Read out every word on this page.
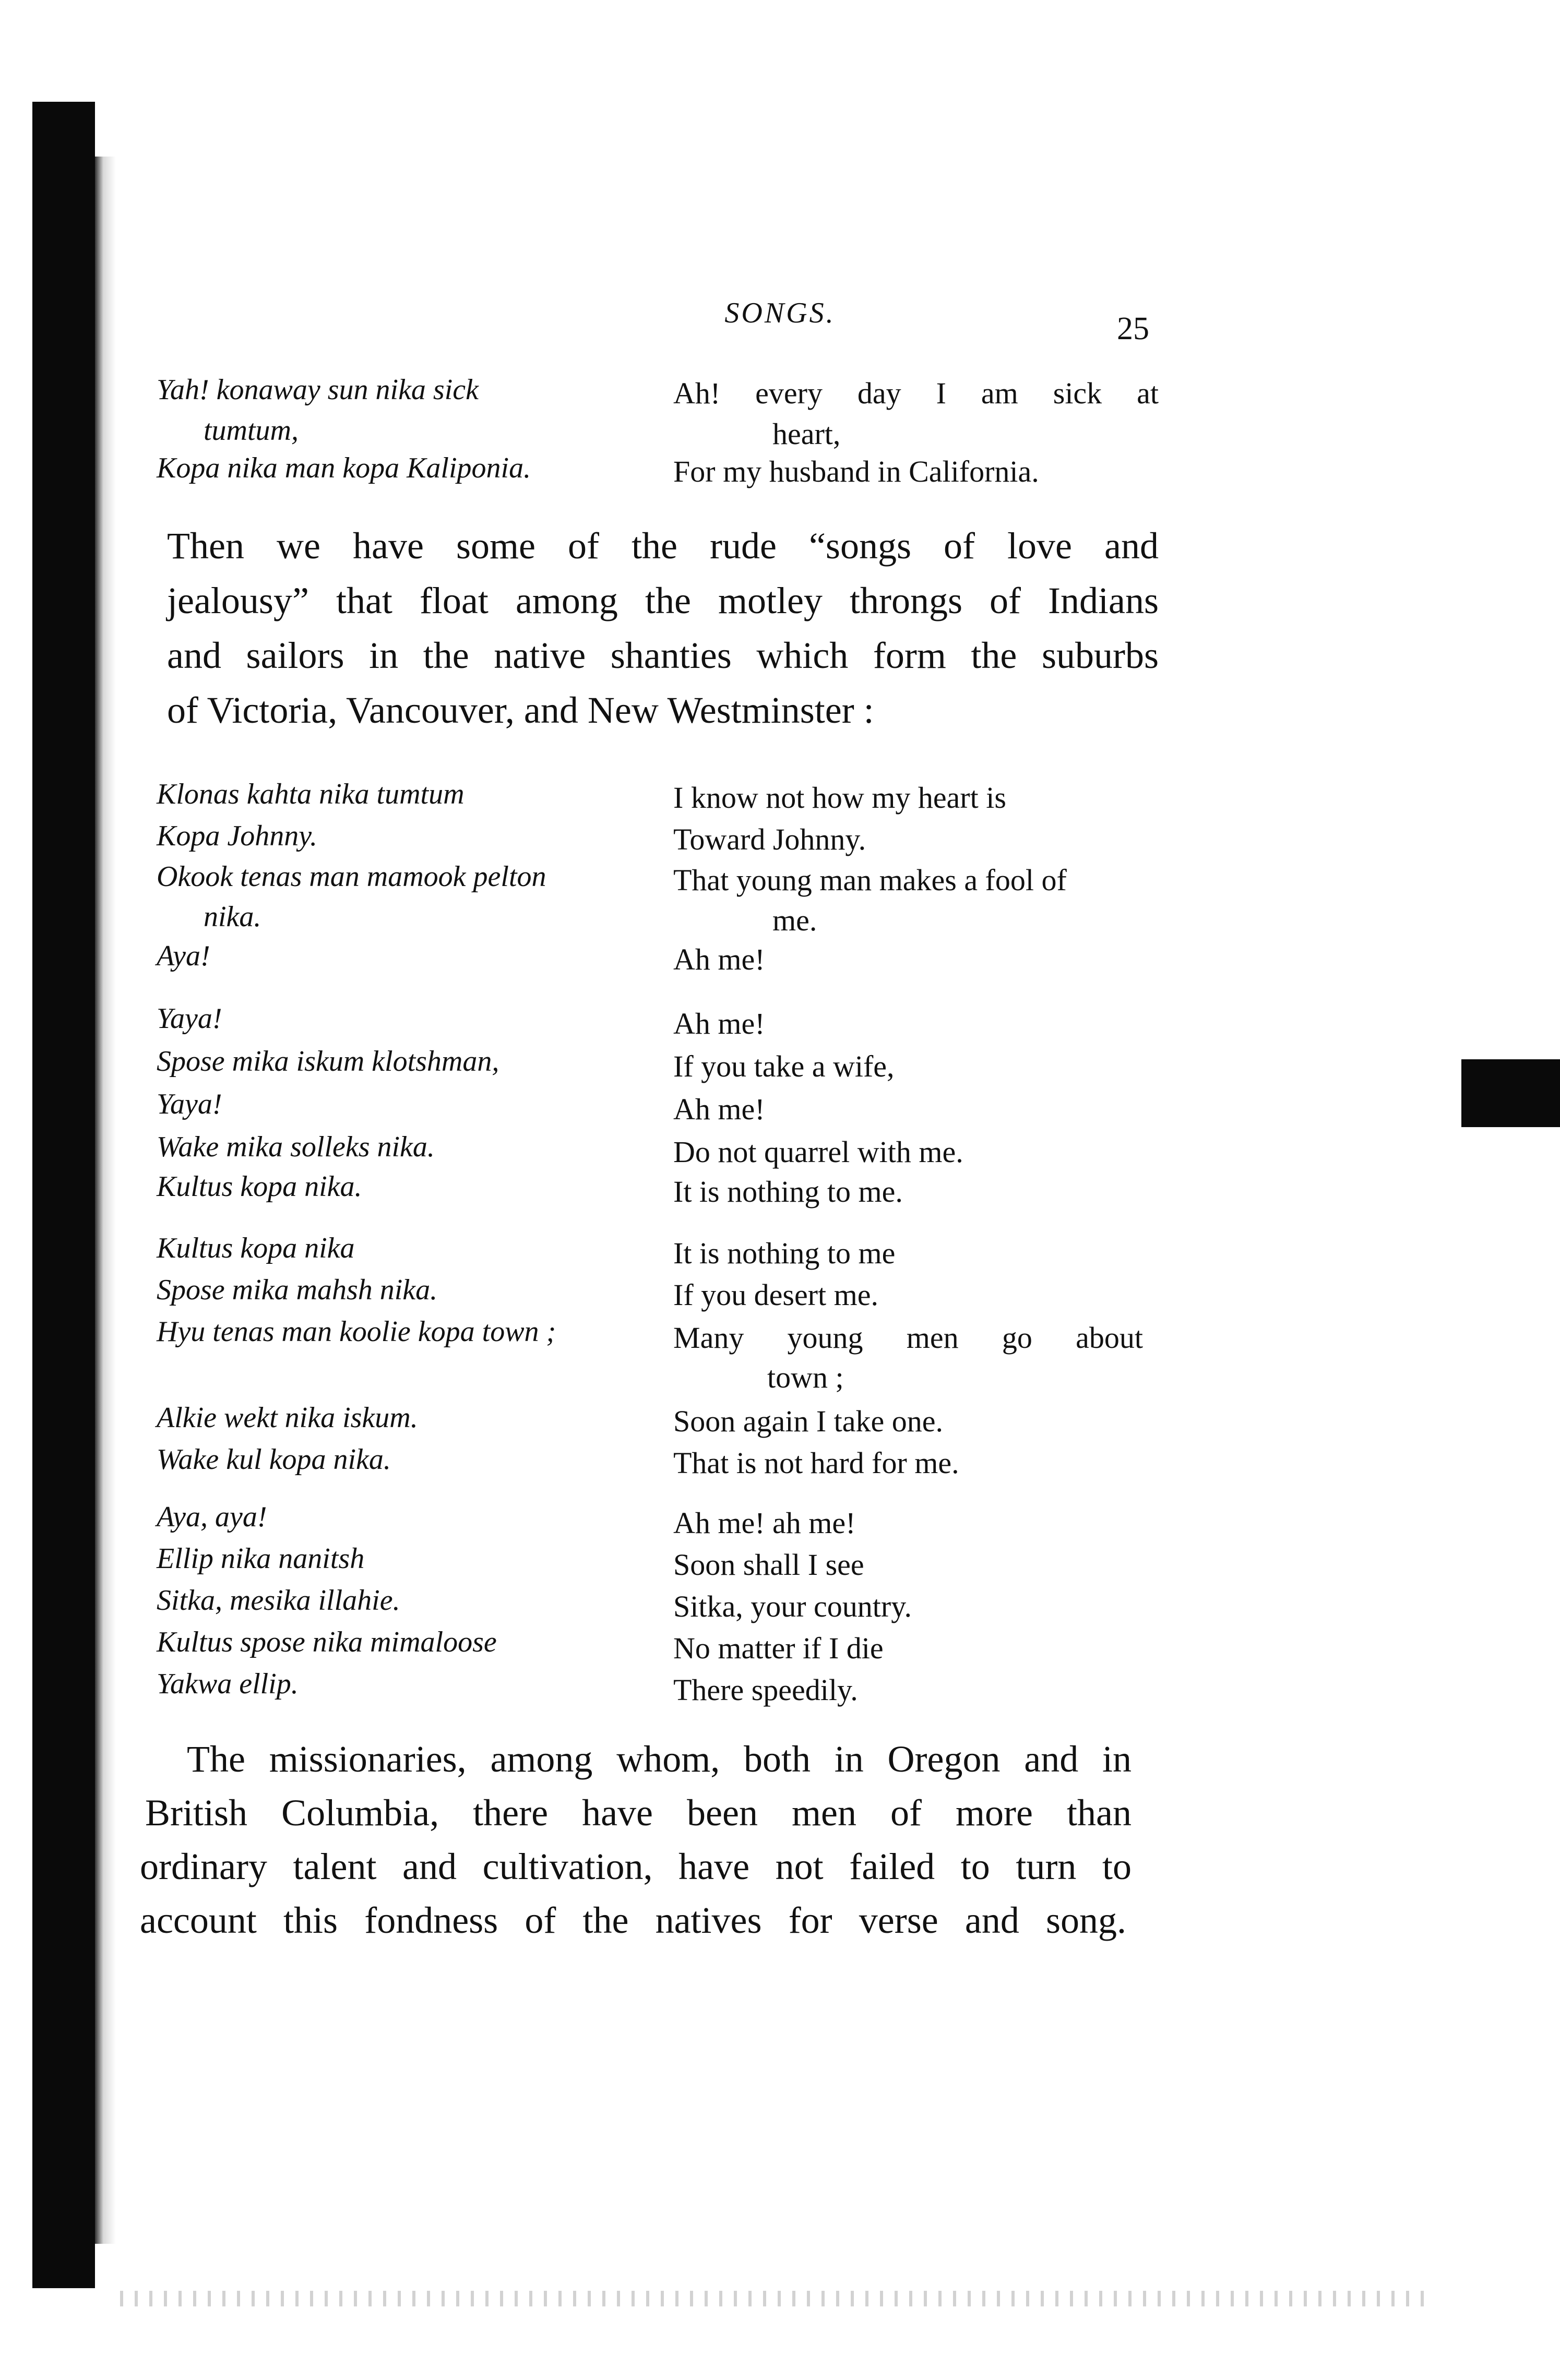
SONGS.	25
Yah! konaway sun nika sick
tumtum,
Kopa nika man kopa Kaliponia.
Ah! every day I am sick at
heart,
For my husband in California.
Then we have some of the rude “songs of love and
jealousy” that float among the motley throngs of Indians
and sailors in the native shanties which form the suburbs
of Victoria, Vancouver, and New Westminster :
Klonas kahta nika tumtum
Kopa Johnny.
Okook tenas man mamook pelton
nika.
Aya!
I know not how my heart is
Toward Johnny.
That young man makes a fool of
me.
Ah me!
Yaya!
Spose mika iskum klotshman,
Yaya!
Wake mika solleks nika.
Kultus kopa nika.
Ah me!
If you take a wife,
Ah me!
Do not quarrel with me.
It is nothing to me.
Kultus kopa nika
Spose mika mahsh nika.
Hyu tenas man koolie kopa town ;
It is nothing to me
If you desert me.
Many young men go about
town ;
Alkie wekt nika iskum.
Wake kul kopa nika.
Soon again I take one.
That is not hard for me.
Aya, aya!
Ellip nika nanitsh
Sitka, mesika illahie.
Kultus spose nika mimaloose
Yakwa ellip.
Ah me! ah me!
Soon shall I see
Sitka, your country.
No matter if I die
There speedily.
The missionaries, among whom, both in Oregon and in
British Columbia, there have been men of more than
ordinary talent and cultivation, have not failed to turn to
account this fondness of the natives for verse and song.
